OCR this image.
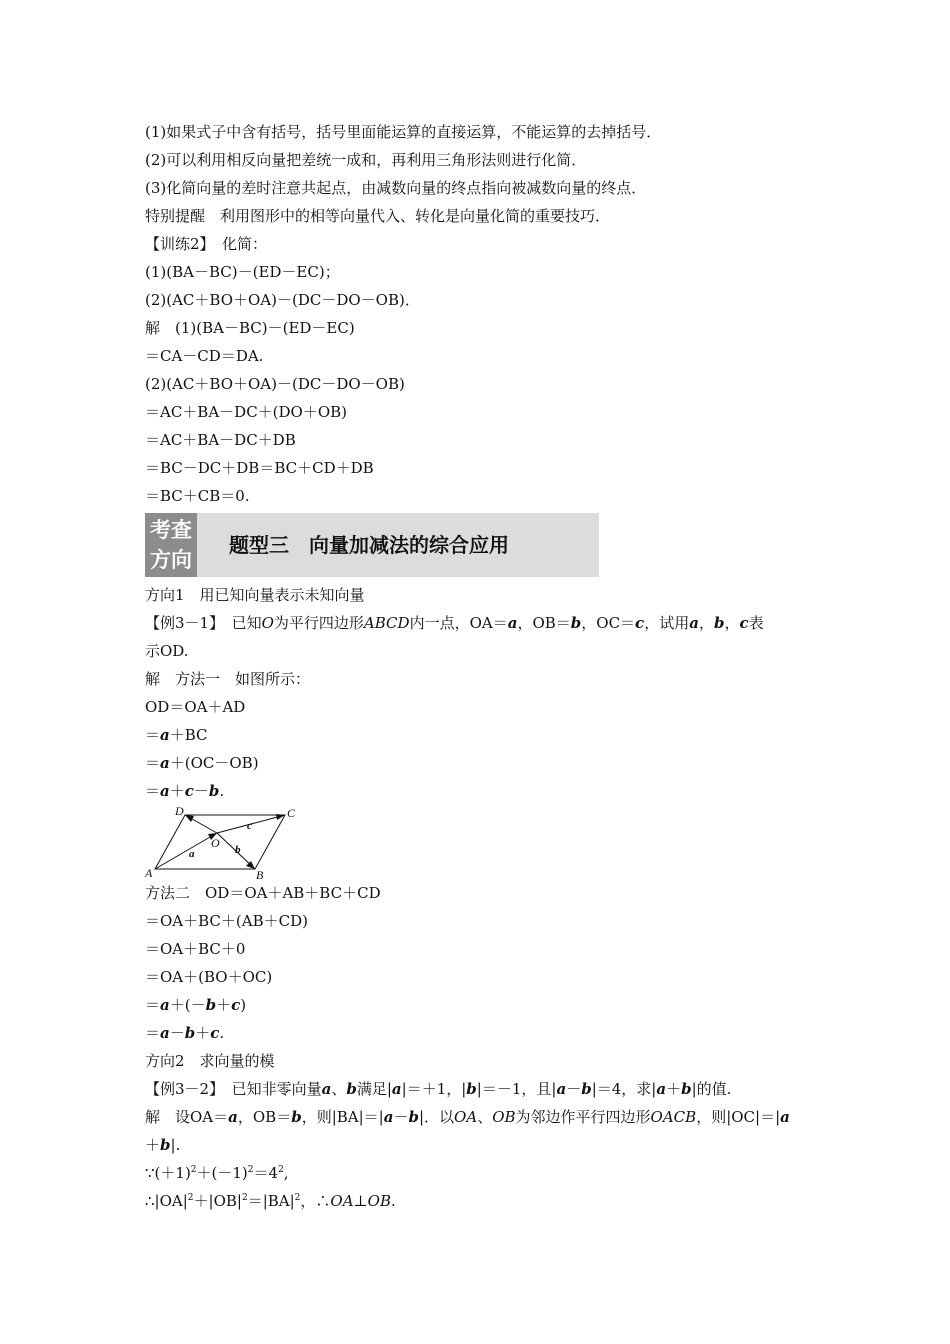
(1)如果式子中含有括号，括号里面能运算的直接运算，不能运算的去掉括号．
(2)可以利用相反向量把差统一成和，再利用三角形法则进行化简．
(3)化简向量的差时注意共起点，由减数向量的终点指向被减数向量的终点．
特别提醒　利用图形中的相等向量代入、转化是向量化简的重要技巧．
【训练2】　化简：
(1)(BA－BC)－(ED－EC)；
(2)(AC＋BO＋OA)－(DC－DO－OB)．
解　(1)(BA－BC)－(ED－EC)
＝CA－CD＝DA.
(2)(AC＋BO＋OA)－(DC－DO－OB)
＝AC＋BA－DC＋(DO＋OB)
＝AC＋BA－DC＋DB
＝BC－DC＋DB＝BC＋CD＋DB
＝BC＋CB＝0.
考查
方向
题型三　向量加减法的综合应用
方向1　用已知向量表示未知向量
【例3－1】　已知O为平行四边形ABCD内一点，OA＝a，OB＝b，OC＝c，试用a，b，c表
示OD.
解　方法一　如图所示：
OD＝OA＋AD
＝a＋BC
＝a＋(OC－OB)
＝a＋c－b.
D	C
O
A	B
a	b
c
方法二　OD＝OA＋AB＋BC＋CD
＝OA＋BC＋(AB＋CD)
＝OA＋BC＋0
＝OA＋(BO＋OC)
＝a＋(－b＋c)
＝a－b＋c.
方向2　求向量的模
【例3－2】　已知非零向量a、b满足|a|＝＋1，|b|＝－1，且|a－b|＝4，求|a＋b|的值.
解　设OA＝a，OB＝b，则|BA|＝|a－b|．以OA、OB为邻边作平行四边形OACB，则|OC|＝|a
＋b|.
$\because(+1)^2+(-1)^2=4^2$,
$\therefore|OA|^2+|OB|^2=|BA|^2$，∴OA⊥OB.
